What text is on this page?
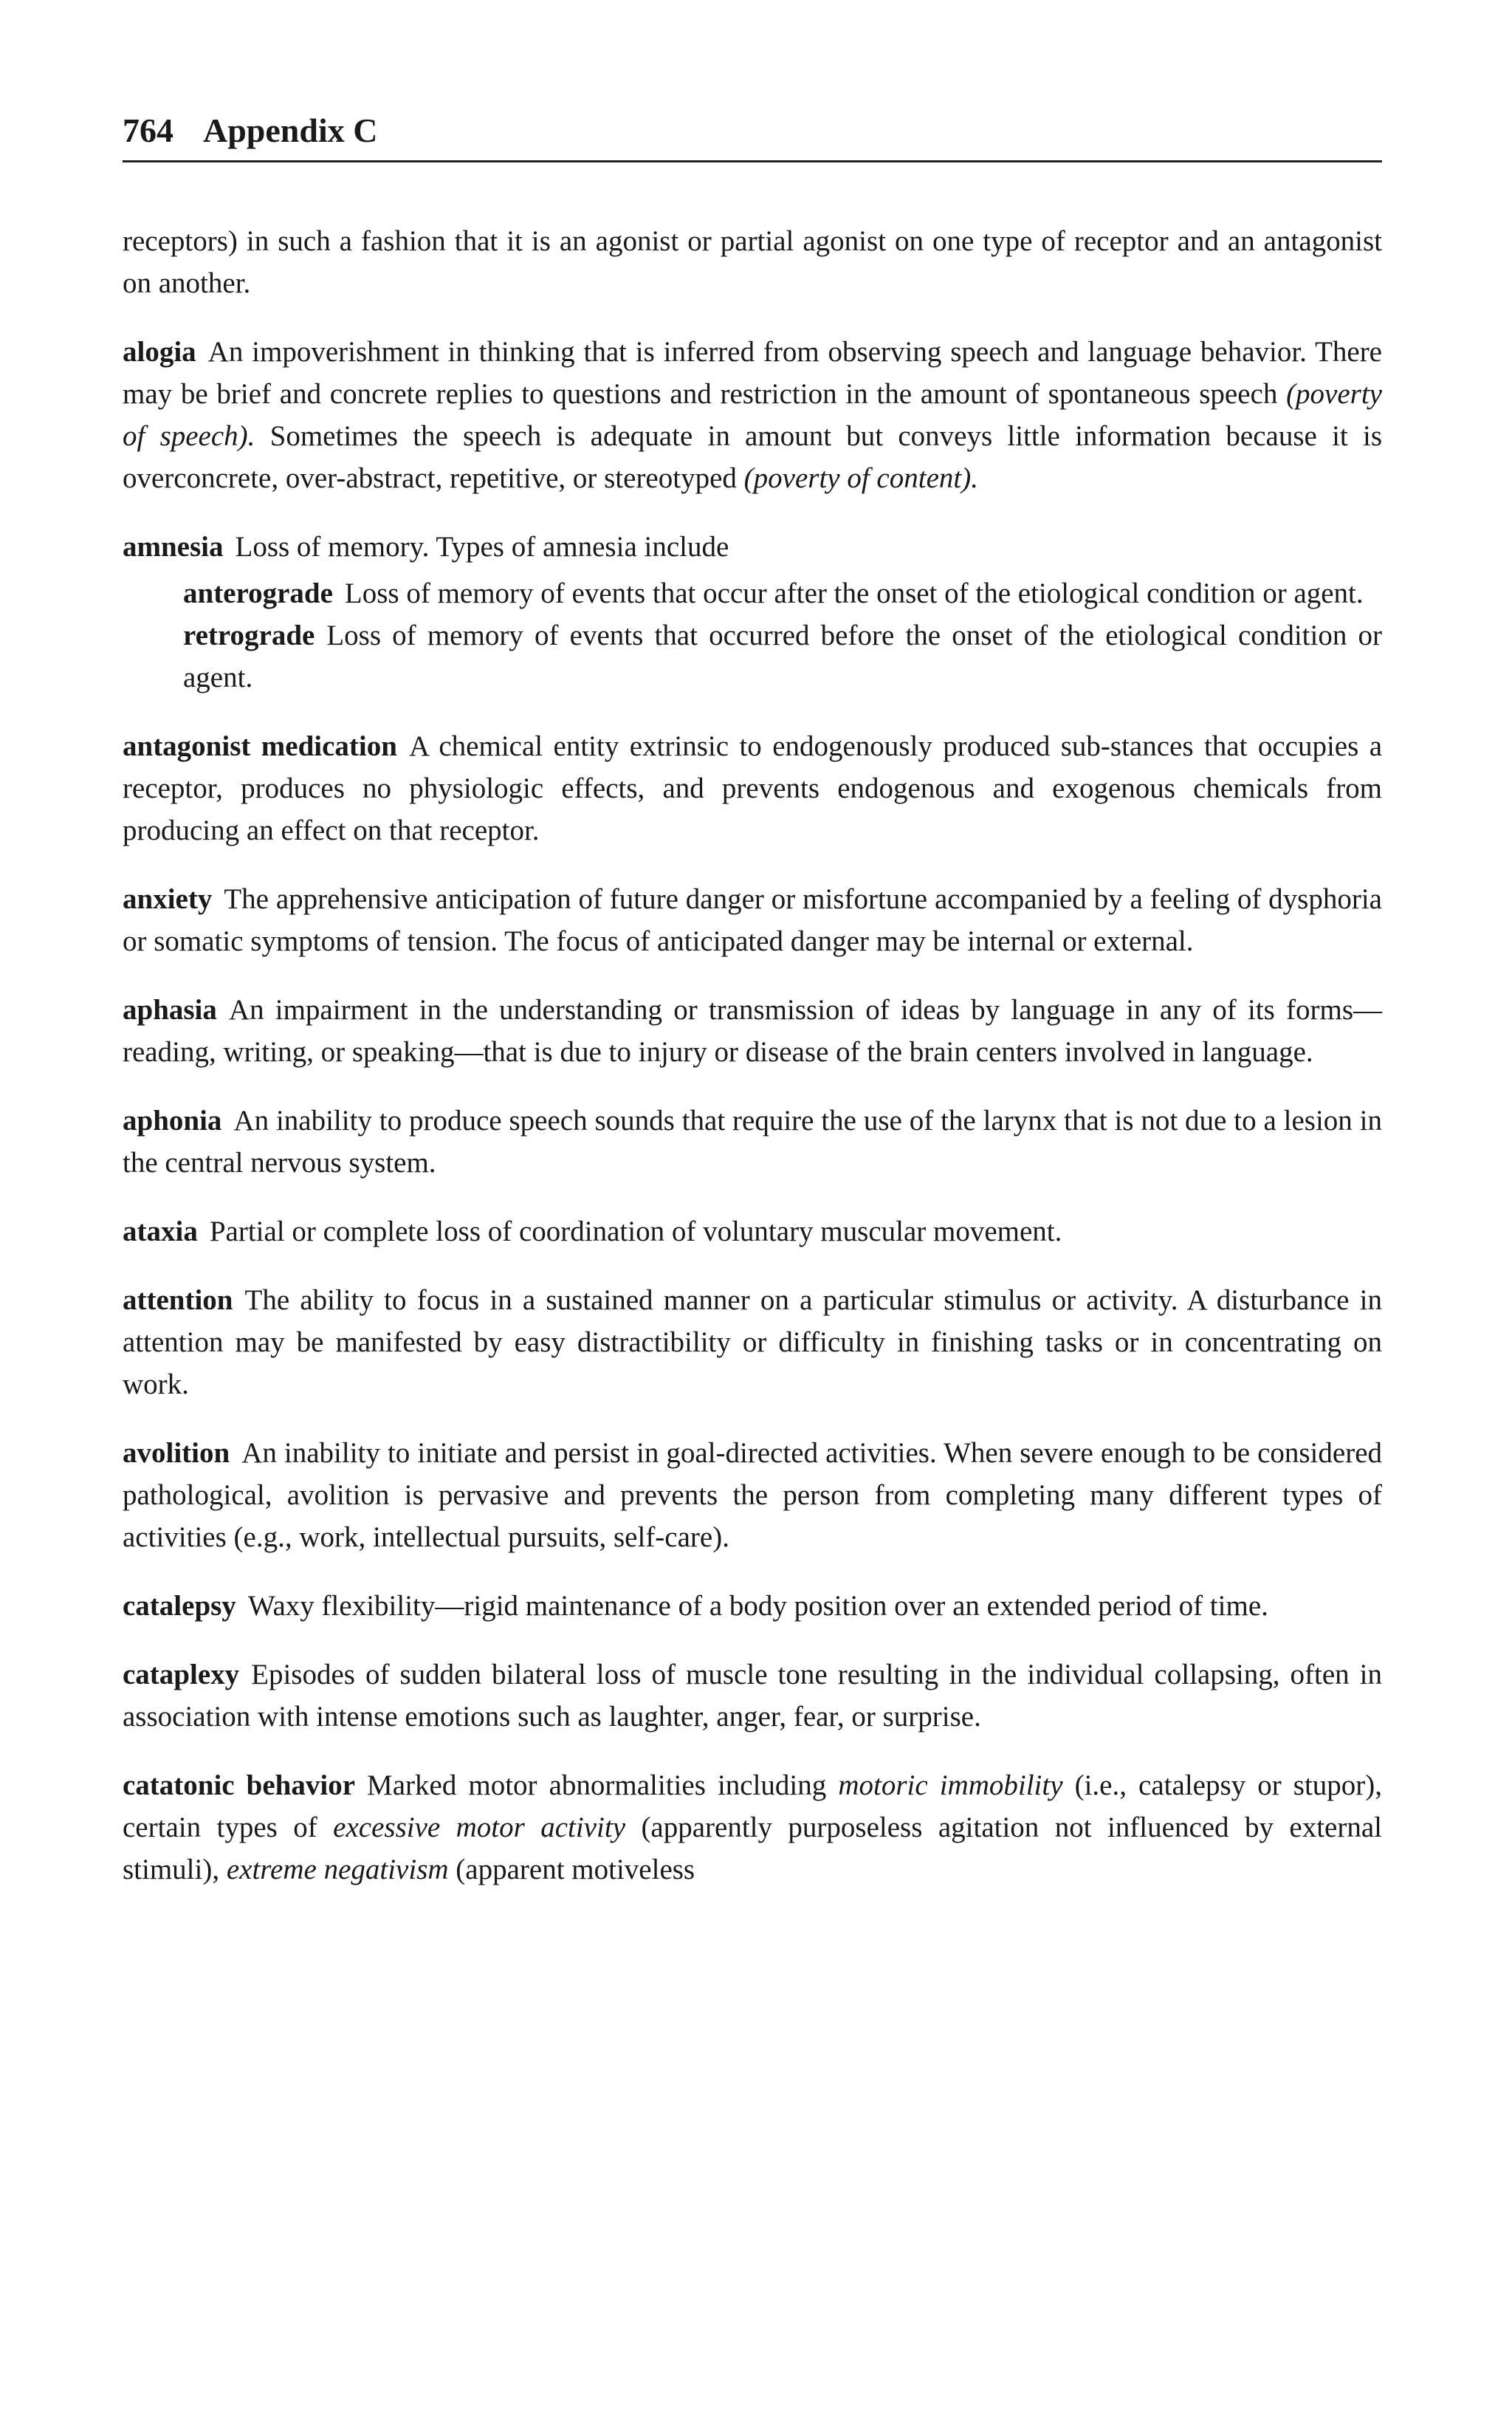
764 Appendix C

receptors) in such a fashion that it is an agonist or partial agonist on one type of receptor and an antagonist on another.

alogia An impoverishment in thinking that is inferred from observing speech and language behavior. There may be brief and concrete replies to questions and restriction in the amount of spontaneous speech (poverty of speech). Sometimes the speech is adequate in amount but conveys little information because it is overconcrete, over-abstract, repetitive, or stereotyped (poverty of content).

amnesia Loss of memory. Types of amnesia include

anterograde Loss of memory of events that occur after the onset of the etiological condition or agent.

retrograde Loss of memory of events that occurred before the onset of the etiological condition or agent.

antagonist medication A chemical entity extrinsic to endogenously produced sub-stances that occupies a receptor, produces no physiologic effects, and prevents endogenous and exogenous chemicals from producing an effect on that receptor.

anxiety The apprehensive anticipation of future danger or misfortune accompanied by a feeling of dysphoria or somatic symptoms of tension. The focus of anticipated danger may be internal or external.

aphasia An impairment in the understanding or transmission of ideas by language in any of its forms—reading, writing, or speaking—that is due to injury or disease of the brain centers involved in language.

aphonia An inability to produce speech sounds that require the use of the larynx that is not due to a lesion in the central nervous system.

ataxia Partial or complete loss of coordination of voluntary muscular movement.

attention The ability to focus in a sustained manner on a particular stimulus or activity. A disturbance in attention may be manifested by easy distractibility or difficulty in finishing tasks or in concentrating on work.

avolition An inability to initiate and persist in goal-directed activities. When severe enough to be considered pathological, avolition is pervasive and prevents the person from completing many different types of activities (e.g., work, intellectual pursuits, self-care).

catalepsy Waxy flexibility—rigid maintenance of a body position over an extended period of time.

cataplexy Episodes of sudden bilateral loss of muscle tone resulting in the individual collapsing, often in association with intense emotions such as laughter, anger, fear, or surprise.

catatonic behavior Marked motor abnormalities including motoric immobility (i.e., catalepsy or stupor), certain types of excessive motor activity (apparently purposeless agitation not influenced by external stimuli), extreme negativism (apparent motiveless
